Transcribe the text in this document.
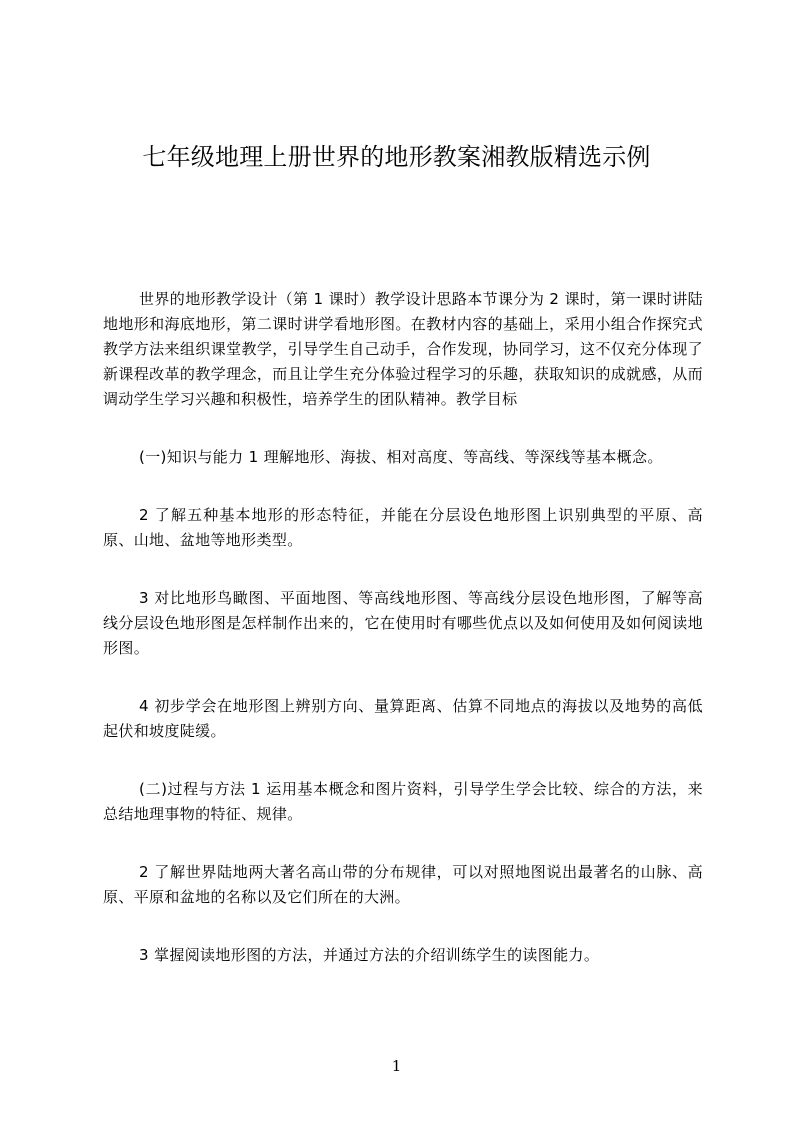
七年级地理上册世界的地形教案湘教版精选示例

世界的地形教学设计（第 1 课时）教学设计思路本节课分为 2 课时，第一课时讲陆地地形和海底地形，第二课时讲学看地形图。在教材内容的基础上，采用小组合作探究式教学方法来组织课堂教学，引导学生自己动手，合作发现，协同学习，这不仅充分体现了新课程改革的教学理念，而且让学生充分体验过程学习的乐趣，获取知识的成就感，从而调动学生学习兴趣和积极性，培养学生的团队精神。教学目标

(一)知识与能力 1 理解地形、海拔、相对高度、等高线、等深线等基本概念。

2 了解五种基本地形的形态特征，并能在分层设色地形图上识别典型的平原、高原、山地、盆地等地形类型。

3 对比地形鸟瞰图、平面地图、等高线地形图、等高线分层设色地形图，了解等高线分层设色地形图是怎样制作出来的，它在使用时有哪些优点以及如何使用及如何阅读地形图。

4 初步学会在地形图上辨别方向、量算距离、估算不同地点的海拔以及地势的高低起伏和坡度陡缓。

(二)过程与方法 1 运用基本概念和图片资料，引导学生学会比较、综合的方法，来总结地理事物的特征、规律。

2 了解世界陆地两大著名高山带的分布规律，可以对照地图说出最著名的山脉、高原、平原和盆地的名称以及它们所在的大洲。

3 掌握阅读地形图的方法，并通过方法的介绍训练学生的读图能力。

1
